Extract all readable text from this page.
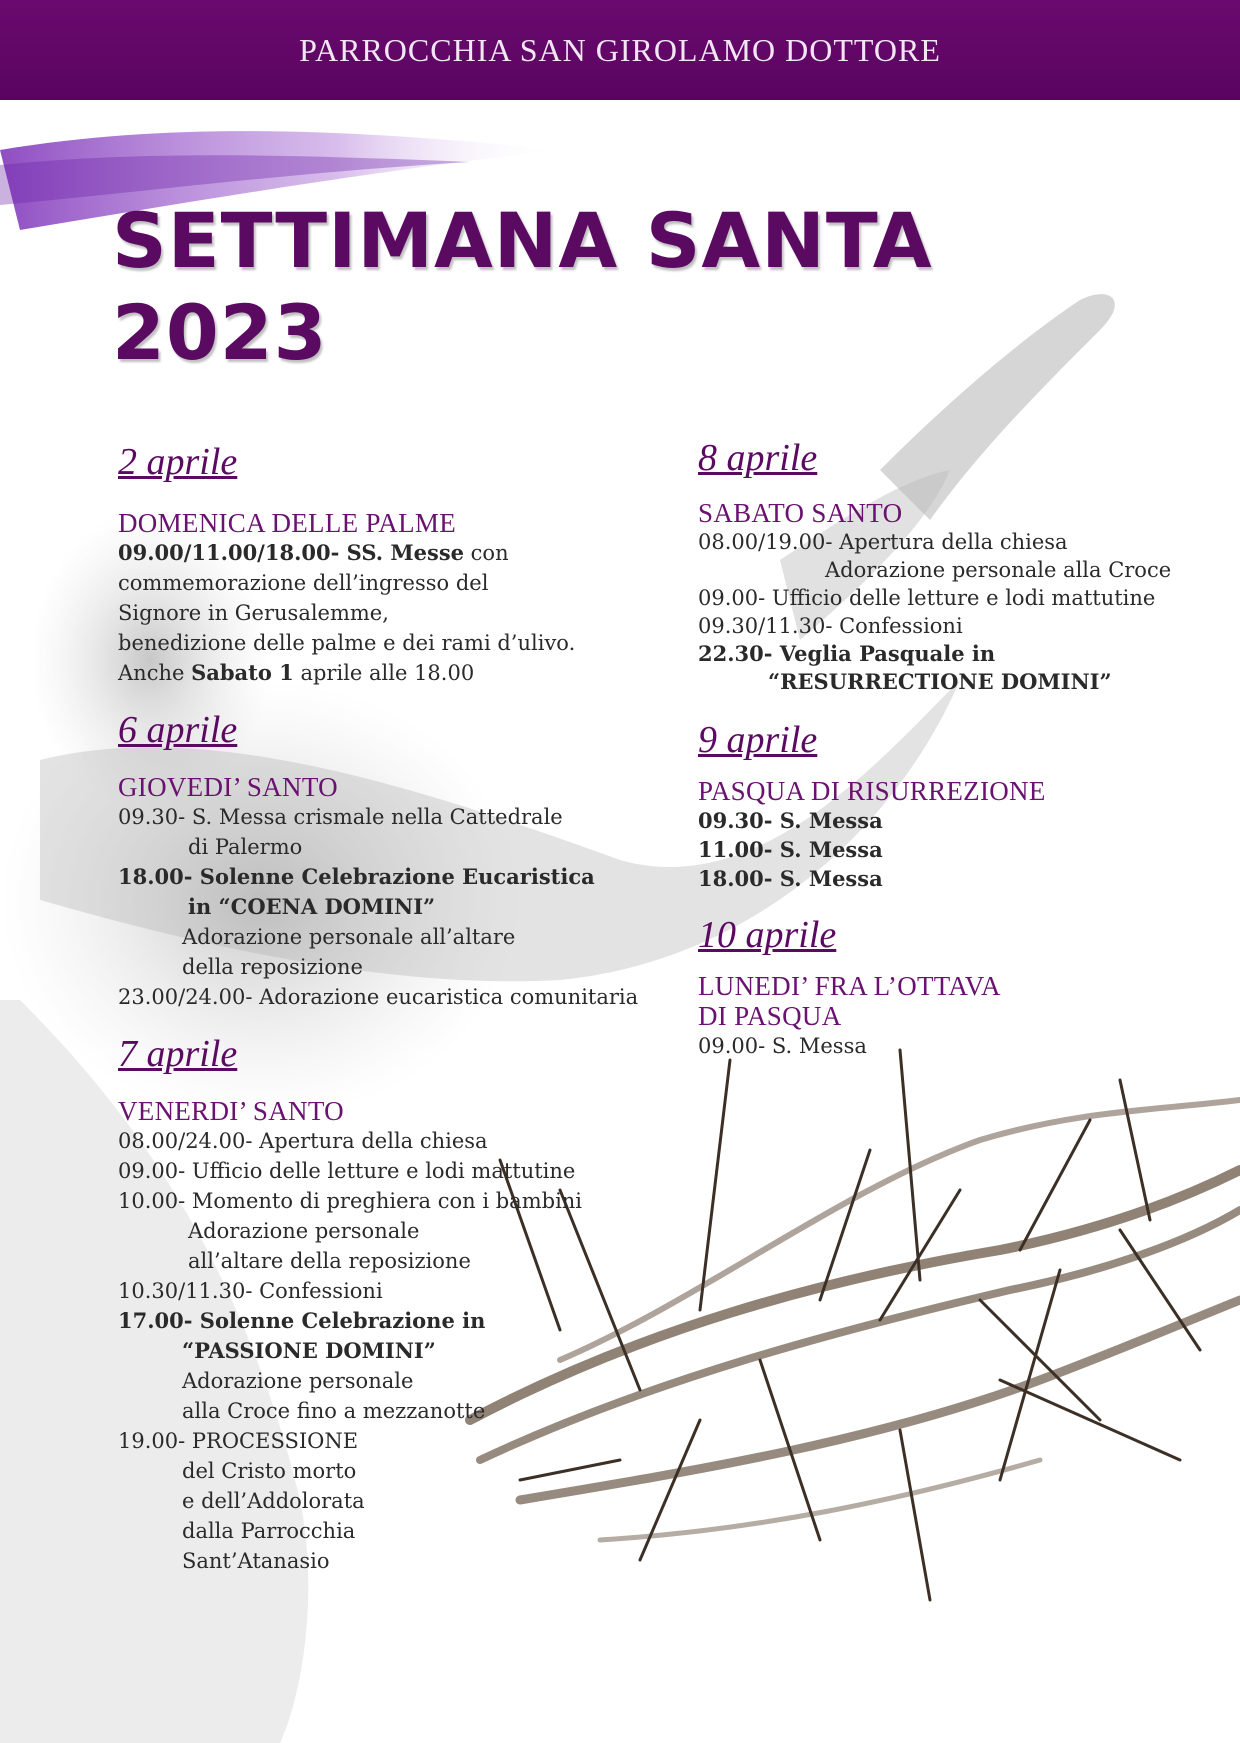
PARROCCHIA SAN GIROLAMO DOTTORE
SETTIMANA SANTA
2023

2 aprile

DOMENICA DELLE PALME

09.00/11.00/18.00- SS. Messe con

commemorazione dell’ingresso del

Signore in Gerusalemme,

benedizione delle palme e dei rami d’ulivo.

Anche Sabato 1 aprile alle 18.00

6 aprile

GIOVEDI’ SANTO

09.30- S. Messa crismale nella Cattedrale

di Palermo

18.00- Solenne Celebrazione Eucaristica

in “COENA DOMINI”

Adorazione personale all’altare

della reposizione

23.00/24.00- Adorazione eucaristica comunitaria

7 aprile

VENERDI’ SANTO

08.00/24.00- Apertura della chiesa

09.00- Ufficio delle letture e lodi mattutine

10.00- Momento di preghiera con i bambini

Adorazione personale

all’altare della reposizione

10.30/11.30- Confessioni

17.00- Solenne Celebrazione in

“PASSIONE DOMINI”

Adorazione personale

alla Croce fino a mezzanotte

19.00- PROCESSIONE

del Cristo morto

e dell’Addolorata

dalla Parrocchia

Sant’Atanasio

8 aprile

SABATO SANTO

08.00/19.00- Apertura della chiesa

Adorazione personale alla Croce

09.00- Ufficio delle letture e lodi mattutine

09.30/11.30- Confessioni

22.30- Veglia Pasquale in

“RESURRECTIONE DOMINI”

9 aprile

PASQUA DI RISURREZIONE

09.30- S. Messa

11.00- S. Messa

18.00- S. Messa

10 aprile

LUNEDI’ FRA L’OTTAVA

DI PASQUA

09.00- S. Messa
